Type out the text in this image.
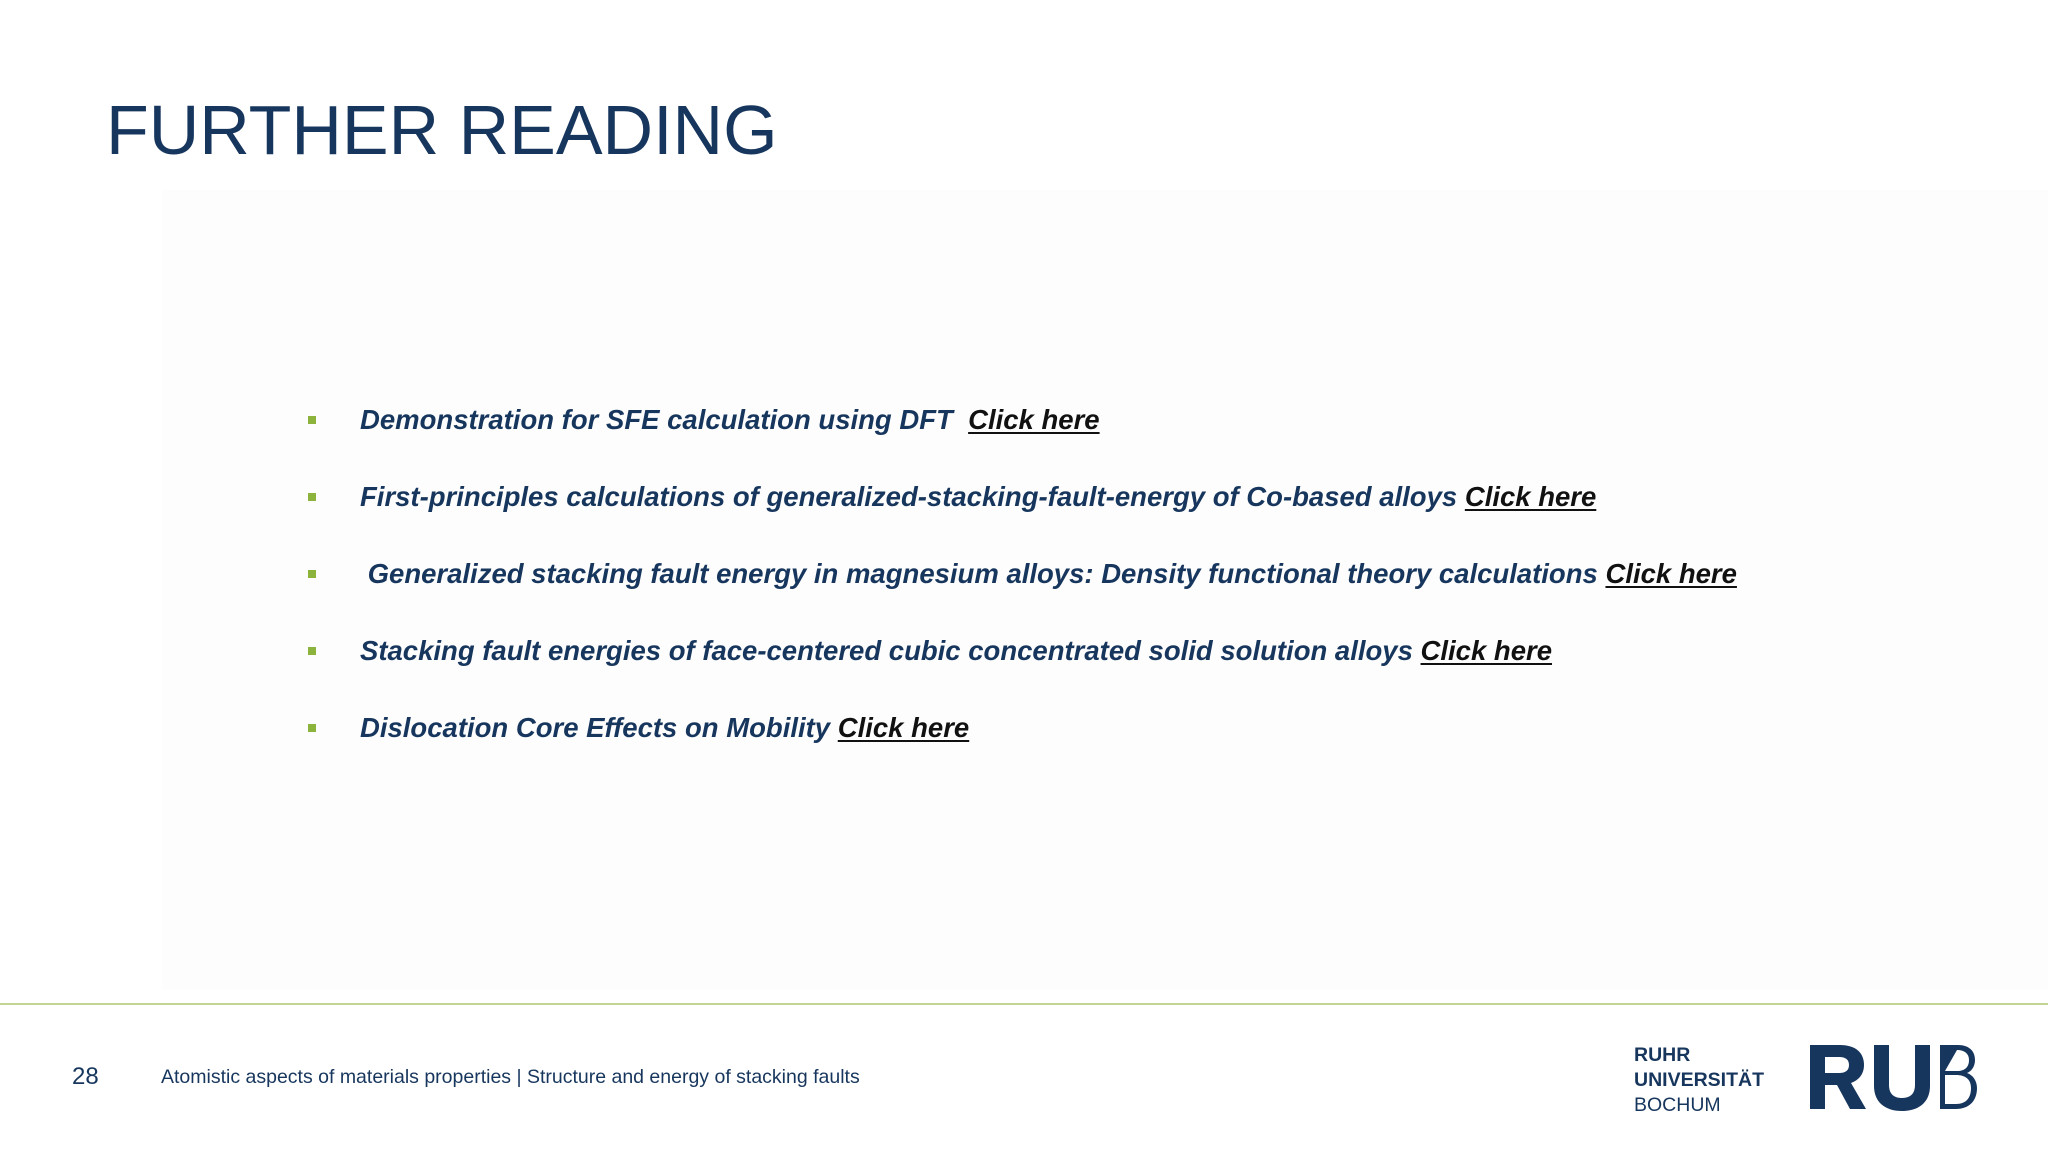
FURTHER READING
Demonstration for SFE calculation using DFT  Click here
First-principles calculations of generalized-stacking-fault-energy of Co-based alloys Click here
Generalized stacking fault energy in magnesium alloys: Density functional theory calculations Click here
Stacking fault energies of face-centered cubic concentrated solid solution alloys Click here
Dislocation Core Effects on Mobility Click here
28	Atomistic aspects of materials properties | Structure and energy of stacking faults
RUHR
UNIVERSITÄT
BOCHUM
